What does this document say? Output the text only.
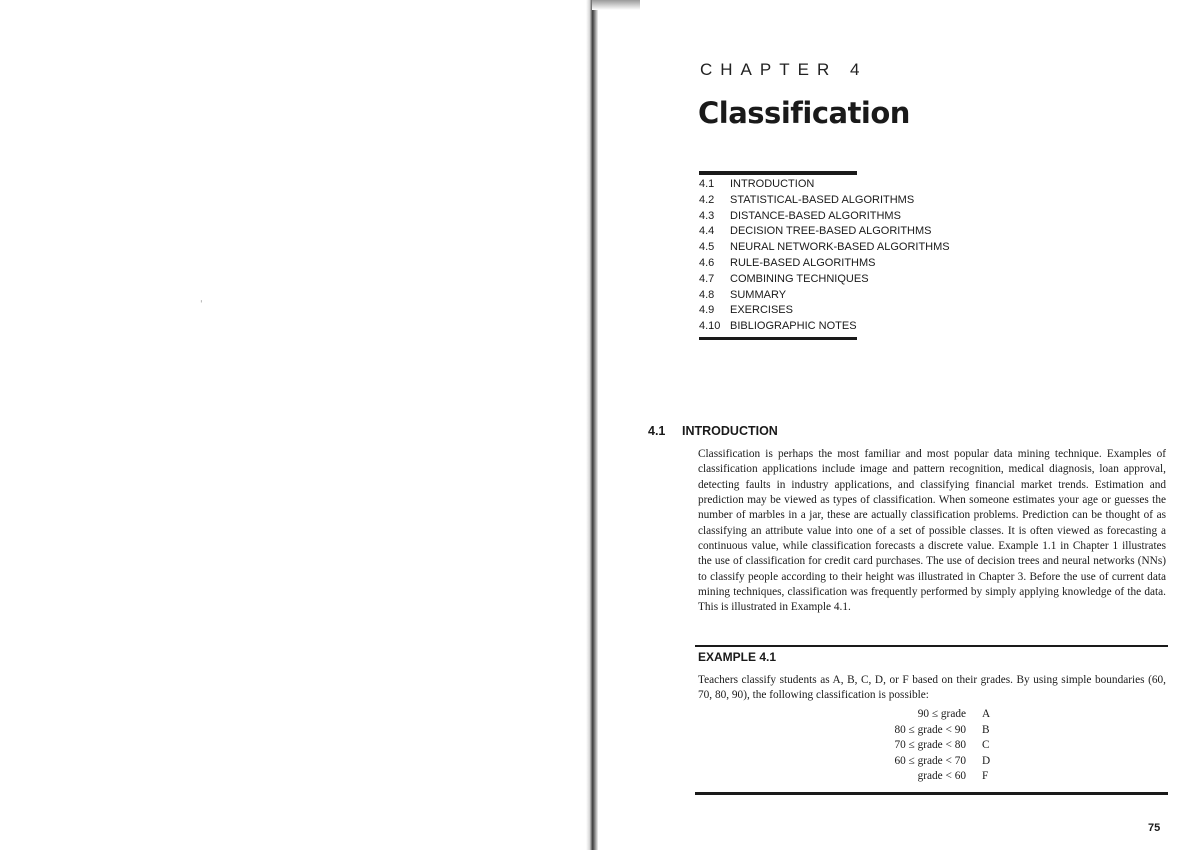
ˈ
CHAPTER 4
Classification
4.1 INTRODUCTION
4.2 STATISTICAL-BASED ALGORITHMS
4.3 DISTANCE-BASED ALGORITHMS
4.4 DECISION TREE-BASED ALGORITHMS
4.5 NEURAL NETWORK-BASED ALGORITHMS
4.6 RULE-BASED ALGORITHMS
4.7 COMBINING TECHNIQUES
4.8 SUMMARY
4.9 EXERCISES
4.10 BIBLIOGRAPHIC NOTES
4.1 INTRODUCTION

Classification is perhaps the most familiar and most popular data mining technique. Examples of classification applications include image and pattern recognition, medical diagnosis, loan approval, detecting faults in industry applications, and classifying financial market trends. Estimation and prediction may be viewed as types of classification. When someone estimates your age or guesses the number of marbles in a jar, these are actually classification problems. Prediction can be thought of as classifying an attribute value into one of a set of possible classes. It is often viewed as forecasting a continuous value, while classification forecasts a discrete value. Example 1.1 in Chapter 1 illustrates the use of classification for credit card purchases. The use of decision trees and neural networks (NNs) to classify people according to their height was illustrated in Chapter 3. Before the use of current data mining techniques, classification was frequently performed by simply applying knowledge of the data. This is illustrated in Example 4.1.

EXAMPLE 4.1

Teachers classify students as A, B, C, D, or F based on their grades. By using simple boundaries (60, 70, 80, 90), the following classification is possible:

90 ≤ grade	A
80 ≤ grade < 90	B
70 ≤ grade < 80	C
60 ≤ grade < 70	D
grade < 60	F
75
